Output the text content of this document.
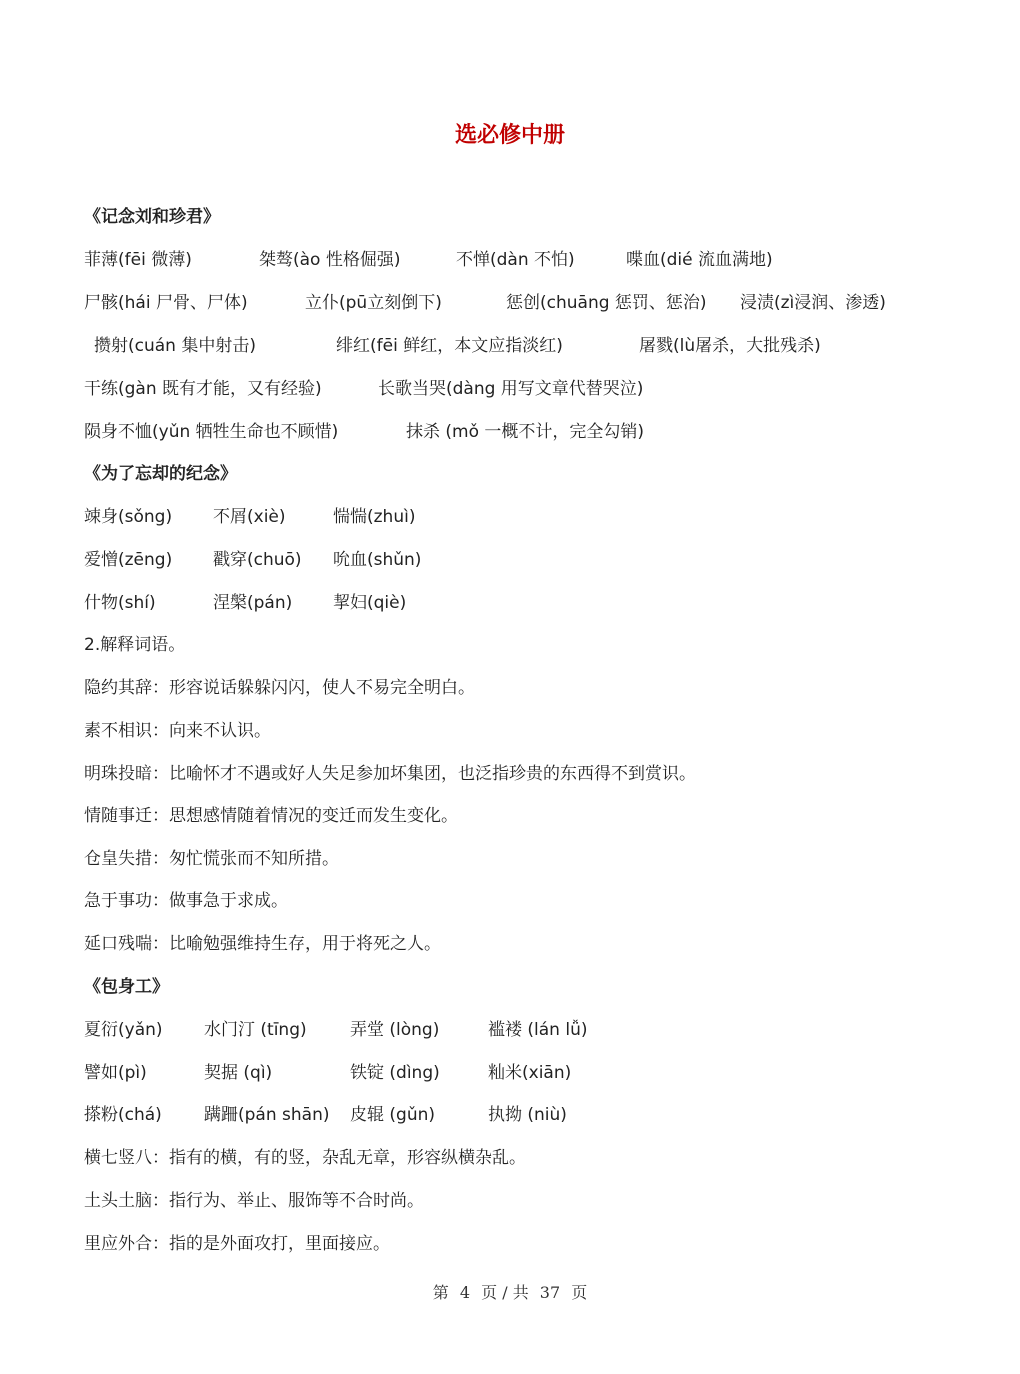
选必修中册
《记念刘和珍君》
菲薄(fēi 微薄)	桀骜(ào 性格倔强)	不惮(dàn 不怕)	喋血(dié 流血满地)
尸骸(hái 尸骨、尸体)	立仆(pū立刻倒下)	惩创(chuāng 惩罚、惩治) 浸渍(zì浸润、渗透)
攒射(cuán 集中射击)	绯红(fēi 鲜红，本文应指淡红)	屠戮(lù屠杀，大批残杀)
干练(gàn 既有才能，又有经验)	长歌当哭(dàng 用写文章代替哭泣)
陨身不恤(yǔn 牺牲生命也不顾惜)	抹杀 (mǒ 一概不计，完全勾销)
《为了忘却的纪念》
竦身(sǒng) 不屑(xiè)	惴惴(zhuì)
爱憎(zēng) 戳穿(chuō) 吮血(shǔn)
什物(shí)	涅槃(pán) 挈妇(qiè)
2.解释词语。
隐约其辞：形容说话躲躲闪闪，使人不易完全明白。
素不相识：向来不认识。
明珠投暗：比喻怀才不遇或好人失足参加坏集团，也泛指珍贵的东西得不到赏识。
情随事迁：思想感情随着情况的变迁而发生变化。
仓皇失措：匆忙慌张而不知所措。
急于事功：做事急于求成。
延口残喘：比喻勉强维持生存，用于将死之人。
《包身工》
夏衍(yǎn) 水门汀 (tīng)	弄堂 (lòng)	褴褛 (lán lǚ)
譬如(pì)	契据 (qì)	铁锭 (dìng)	籼米(xiān)
搽粉(chá) 蹒跚(pán shān) 皮辊 (gǔn)	执拗 (niù)
横七竖八：指有的横，有的竖，杂乱无章，形容纵横杂乱。
土头土脑：指行为、举止、服饰等不合时尚。
里应外合：指的是外面攻打，里面接应。
第 4 页 / 共 37 页
